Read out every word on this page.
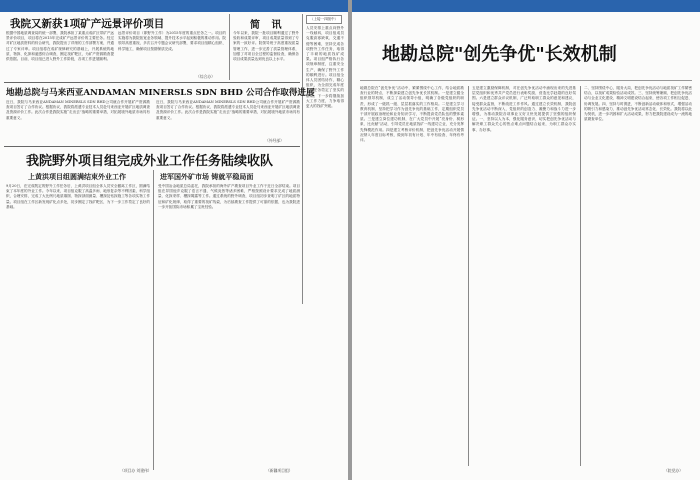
我院又新获1项矿产远景评价项目
根据中国地质调查局的统一部署，我院承担了某重点成矿区带矿产远景评价项目，项目将在2015年完成矿产远景评价的主要任务。经过对矿区地质资料的综合研究，我院提出了详细的工作部署方案，并通过了专家评审。项目组将在成矿规律研究的基础上，开展系统的地质、物探、化探和遥感综合调查，圈定找矿靶区，为矿产资源勘查提供依据。目前，项目组已进入野外工作阶段，各项工作进展顺利。
远景评价项目（即野外工作）为2015年度的重点任务之一。项目的实施将为我院拓宽业务领域、提升技术水平起到积极的推动作用。院领导高度重视，多次召开专题会议研究部署，要求项目组精心组织、科学施工，确保项目按期保质完成。
（综合办）
简 讯
今年以来，我院一批项目顺利通过了野外验收和成果评审，项目成果质量得到了专家的一致好评。院领导班子高度重视质量管理工作，进一步完善了质量管理体系，加强了对项目全过程的监督检查，确保各项目成果质量达到优良以上水平。
（上接一四版中）
人员安排上重点向野外一线倾斜，项目组成员克服高寒缺氧、交通不便等困难，坚持完成各项野外工作任务，取得了丰硕的地质找矿成果。项目组严格执行各项规章制度，注重安全生产，确保了野外工作的顺利进行。项目组全体人员团结协作，精心组织，为全面完成年度工作任务奠定了坚实的基础。下一步将继续加大工作力度，力争取得更大的找矿突破。
地勘总院与马来西亚ANDAMAN MINERSLS SDN BHD 公司合作取得进展
近日，我院与马来西亚ANDAMAN MINERSLS SDN BHD公司就合作开展矿产资源勘查项目签订了合作协议。根据协议，我院将派遣专业技术人员赴马来西亚开展矿区地质调查及资源评价工作。此次合作是我院实施“走出去”战略的重要举措，对拓展境外地质市场具有重要意义。
近日，我院与马来西亚ANDAMAN MINERSLS SDN BHD公司就合作开展矿产资源勘查项目签订了合作协议。根据协议，我院将派遣专业技术人员赴马来西亚开展矿区地质调查及资源评价工作。此次合作是我院实施“走出去”战略的重要举措，对拓展境外地质市场具有重要意义。
（外经部）
我院野外项目组完成外业工作任务陆续收队
上黄洪项目组圆满结束外业工作
9月20日，在完成既定的野外工作任务后，上黄洪项目组全体人员安全撤离工作区，圆满结束了本年度的外业工作。今年以来，项目组克服了高温多雨、地形复杂等不利因素，科学组织，合理安排，完成了大比例尺地质填图、物探剖面测量、槽探及钻探施工等各项实物工作量。项目组在工作区新发现矿化点多处，初步圈定了找矿靶区，为下一步工作奠定了良好的基础。
（项目办 刘建伟）
进军国外矿市场 铸就平稳局面
受中国冶金地质总局委托，我院承担的海外矿产勘查项目外业工作于近日全部结束。项目组在异国他乡克服了语言不通、气候炎热等诸多困难，严格按照设计要求完成了地质测量、化探采样、槽探揭露等工作。通过系统的野外调查，项目组初步查明了矿区的地质特征和矿化规律，取得了重要的找矿线索，为后续勘查工作提供了可靠的依据，也为我院进一步开拓国际市场积累了宝贵经验。
（新疆项目组）
地勘总院"创先争优"长效机制
地勘总院在“创先争优”活动中，紧紧围绕中心工作，结合地质勘查行业的特点，不断探索建立创先争优长效机制。一是建立健全组织领导机制，成立了活动领导小组，明确了各级党组织的职责，形成了一级抓一级、层层抓落实的工作格局。二是建立学习教育机制，坚持把学习作为创先争优的基础工作，定期组织党员干部开展政治理论和业务知识学习，不断提高党员队伍的整体素质。三是建立岗位建功机制，在广大党员中开展“亮身份、树形象、比贡献”活动，引导党员在地质找矿一线建功立业，充分发挥先锋模范作用。四是建立考核评价机制，把创先争优活动开展情况纳入年度目标考核，做到年初有计划、年中有检查、年终有考评。
五是建立激励保障机制，对在创先争优活动中涌现出来的先进基层党组织和优秀共产党员进行表彰奖励，营造比学赶超的良好氛围。六是建立群众评议机制，广泛听取职工群众的意见和建议，接受群众监督，不断改进工作作风。通过建立长效机制，我院创先争优活动不断深入，党组织的创造力、凝聚力和战斗力进一步增强，为推动我院各项事业又好又快发展提供了坚强的组织保证。一、坚持以人为本，强化服务意识，切实把创先争优活动与解决职工群众关心的热点难点问题结合起来，为职工群众办实事、办好事。
二、坚持围绕中心，服务大局，把创先争优活动与地质找矿工作紧密结合，以找矿成果检验活动成效。三、坚持统筹兼顾，把创先争优活动与企业文化建设、精神文明建设结合起来，使各项工作相互促进、协调发展。四、坚持与时俱进，不断创新活动载体和形式，增强活动的吸引力和感染力，推动创先争优活动常态化、长效化。我院将以此为契机，进一步巩固和扩大活动成果，努力把我院建设成为一流的地质勘查单位。
（院党办）
